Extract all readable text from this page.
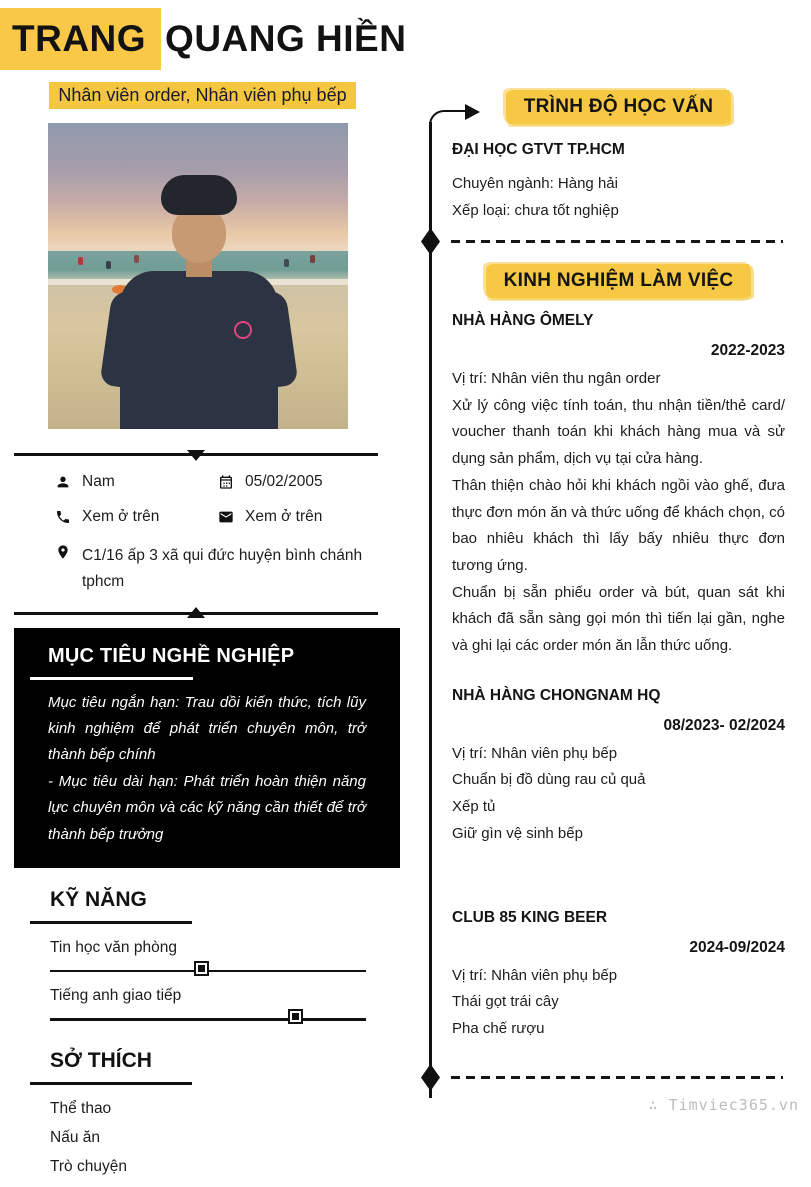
TRANG QUANG HIỀN
Nhân viên order, Nhân viên phụ bếp
Nam	05/02/2005
Xem ở trên	Xem ở trên
C1/16 ấp 3 xã qui đức huyện bình chánh tphcm
MỤC TIÊU NGHỀ NGHIỆP

Mục tiêu ngắn hạn: Trau dồi kiến thức, tích lũy kinh nghiệm để phát triển chuyên môn, trở thành bếp chính

- Mục tiêu dài hạn: Phát triển hoàn thiện năng lực chuyên môn và các kỹ năng cần thiết để trở thành bếp trưởng

KỸ NĂNG
Tin học văn phòng
Tiếng anh giao tiếp
SỞ THÍCH
Thể thao
Nấu ăn
Trò chuyện
TRÌNH ĐỘ HỌC VẤN
ĐẠI HỌC GTVT TP.HCM
Chuyên ngành: Hàng hải
Xếp loại: chưa tốt nghiệp
KINH NGHIỆM LÀM VIỆC
NHÀ HÀNG ÔMELY
2022-2023

Vị trí: Nhân viên thu ngân order

Xử lý công việc tính toán, thu nhận tiền/thẻ card/ voucher thanh toán khi khách hàng mua và sử dụng sản phẩm, dịch vụ tại cửa hàng.

Thân thiện chào hỏi khi khách ngồi vào ghế, đưa thực đơn món ăn và thức uống để khách chọn, có bao nhiêu khách thì lấy bấy nhiêu thực đơn tương ứng.

Chuẩn bị sẵn phiếu order và bút, quan sát khi khách đã sẵn sàng gọi món thì tiến lại gần, nghe và ghi lại các order món ăn lẫn thức uống.

NHÀ HÀNG CHONGNAM HQ
08/2023- 02/2024

Vị trí: Nhân viên phụ bếp

Chuẩn bị đồ dùng rau củ quả

Xếp tủ

Giữ gìn vệ sinh bếp

CLUB 85 KING BEER
2024-09/2024

Vị trí: Nhân viên phụ bếp

Thái gọt trái cây

Pha chế rượu

∴ Timviec365.vn
